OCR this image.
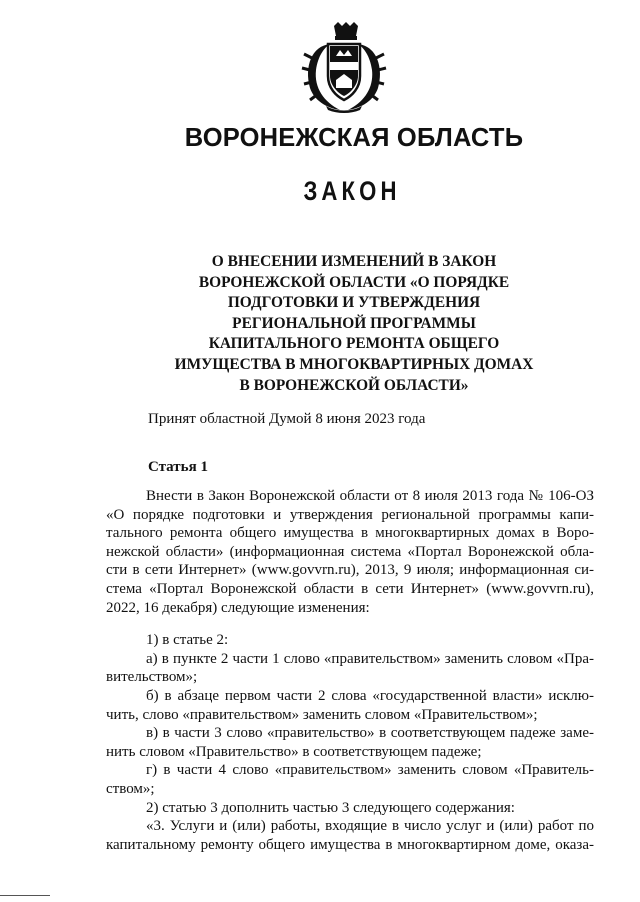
ВОРОНЕЖСКАЯ ОБЛАСТЬ
ЗАКОН
О ВНЕСЕНИИ ИЗМЕНЕНИЙ В ЗАКОН
ВОРОНЕЖСКОЙ ОБЛАСТИ «О ПОРЯДКЕ
ПОДГОТОВКИ И УТВЕРЖДЕНИЯ
РЕГИОНАЛЬНОЙ ПРОГРАММЫ
КАПИТАЛЬНОГО РЕМОНТА ОБЩЕГО
ИМУЩЕСТВА В МНОГОКВАРТИРНЫХ ДОМАХ
В ВОРОНЕЖСКОЙ ОБЛАСТИ»
Принят областной Думой 8 июня 2023 года
Статья 1
Внести в Закон Воронежской области от 8 июля 2013 года № 106-ОЗ
«О порядке подготовки и утверждения региональной программы капи-
тального ремонта общего имущества в многоквартирных домах в Воро-
нежской области» (информационная система «Портал Воронежской обла-
сти в сети Интернет» (www.govvrn.ru), 2013, 9 июля; информационная си-
стема «Портал Воронежской области в сети Интернет» (www.govvrn.ru),
2022, 16 декабря) следующие изменения:
1) в статье 2:
а) в пункте 2 части 1 слово «правительством» заменить словом «Пра-
вительством»;
б) в абзаце первом части 2 слова «государственной власти» исклю-
чить, слово «правительством» заменить словом «Правительством»;
в) в части 3 слово «правительство» в соответствующем падеже заме-
нить словом «Правительство» в соответствующем падеже;
г) в части 4 слово «правительством» заменить словом «Правитель-
ством»;
2) статью 3 дополнить частью 3 следующего содержания:
«3. Услуги и (или) работы, входящие в число услуг и (или) работ по
капитальному ремонту общего имущества в многоквартирном доме, оказа-
